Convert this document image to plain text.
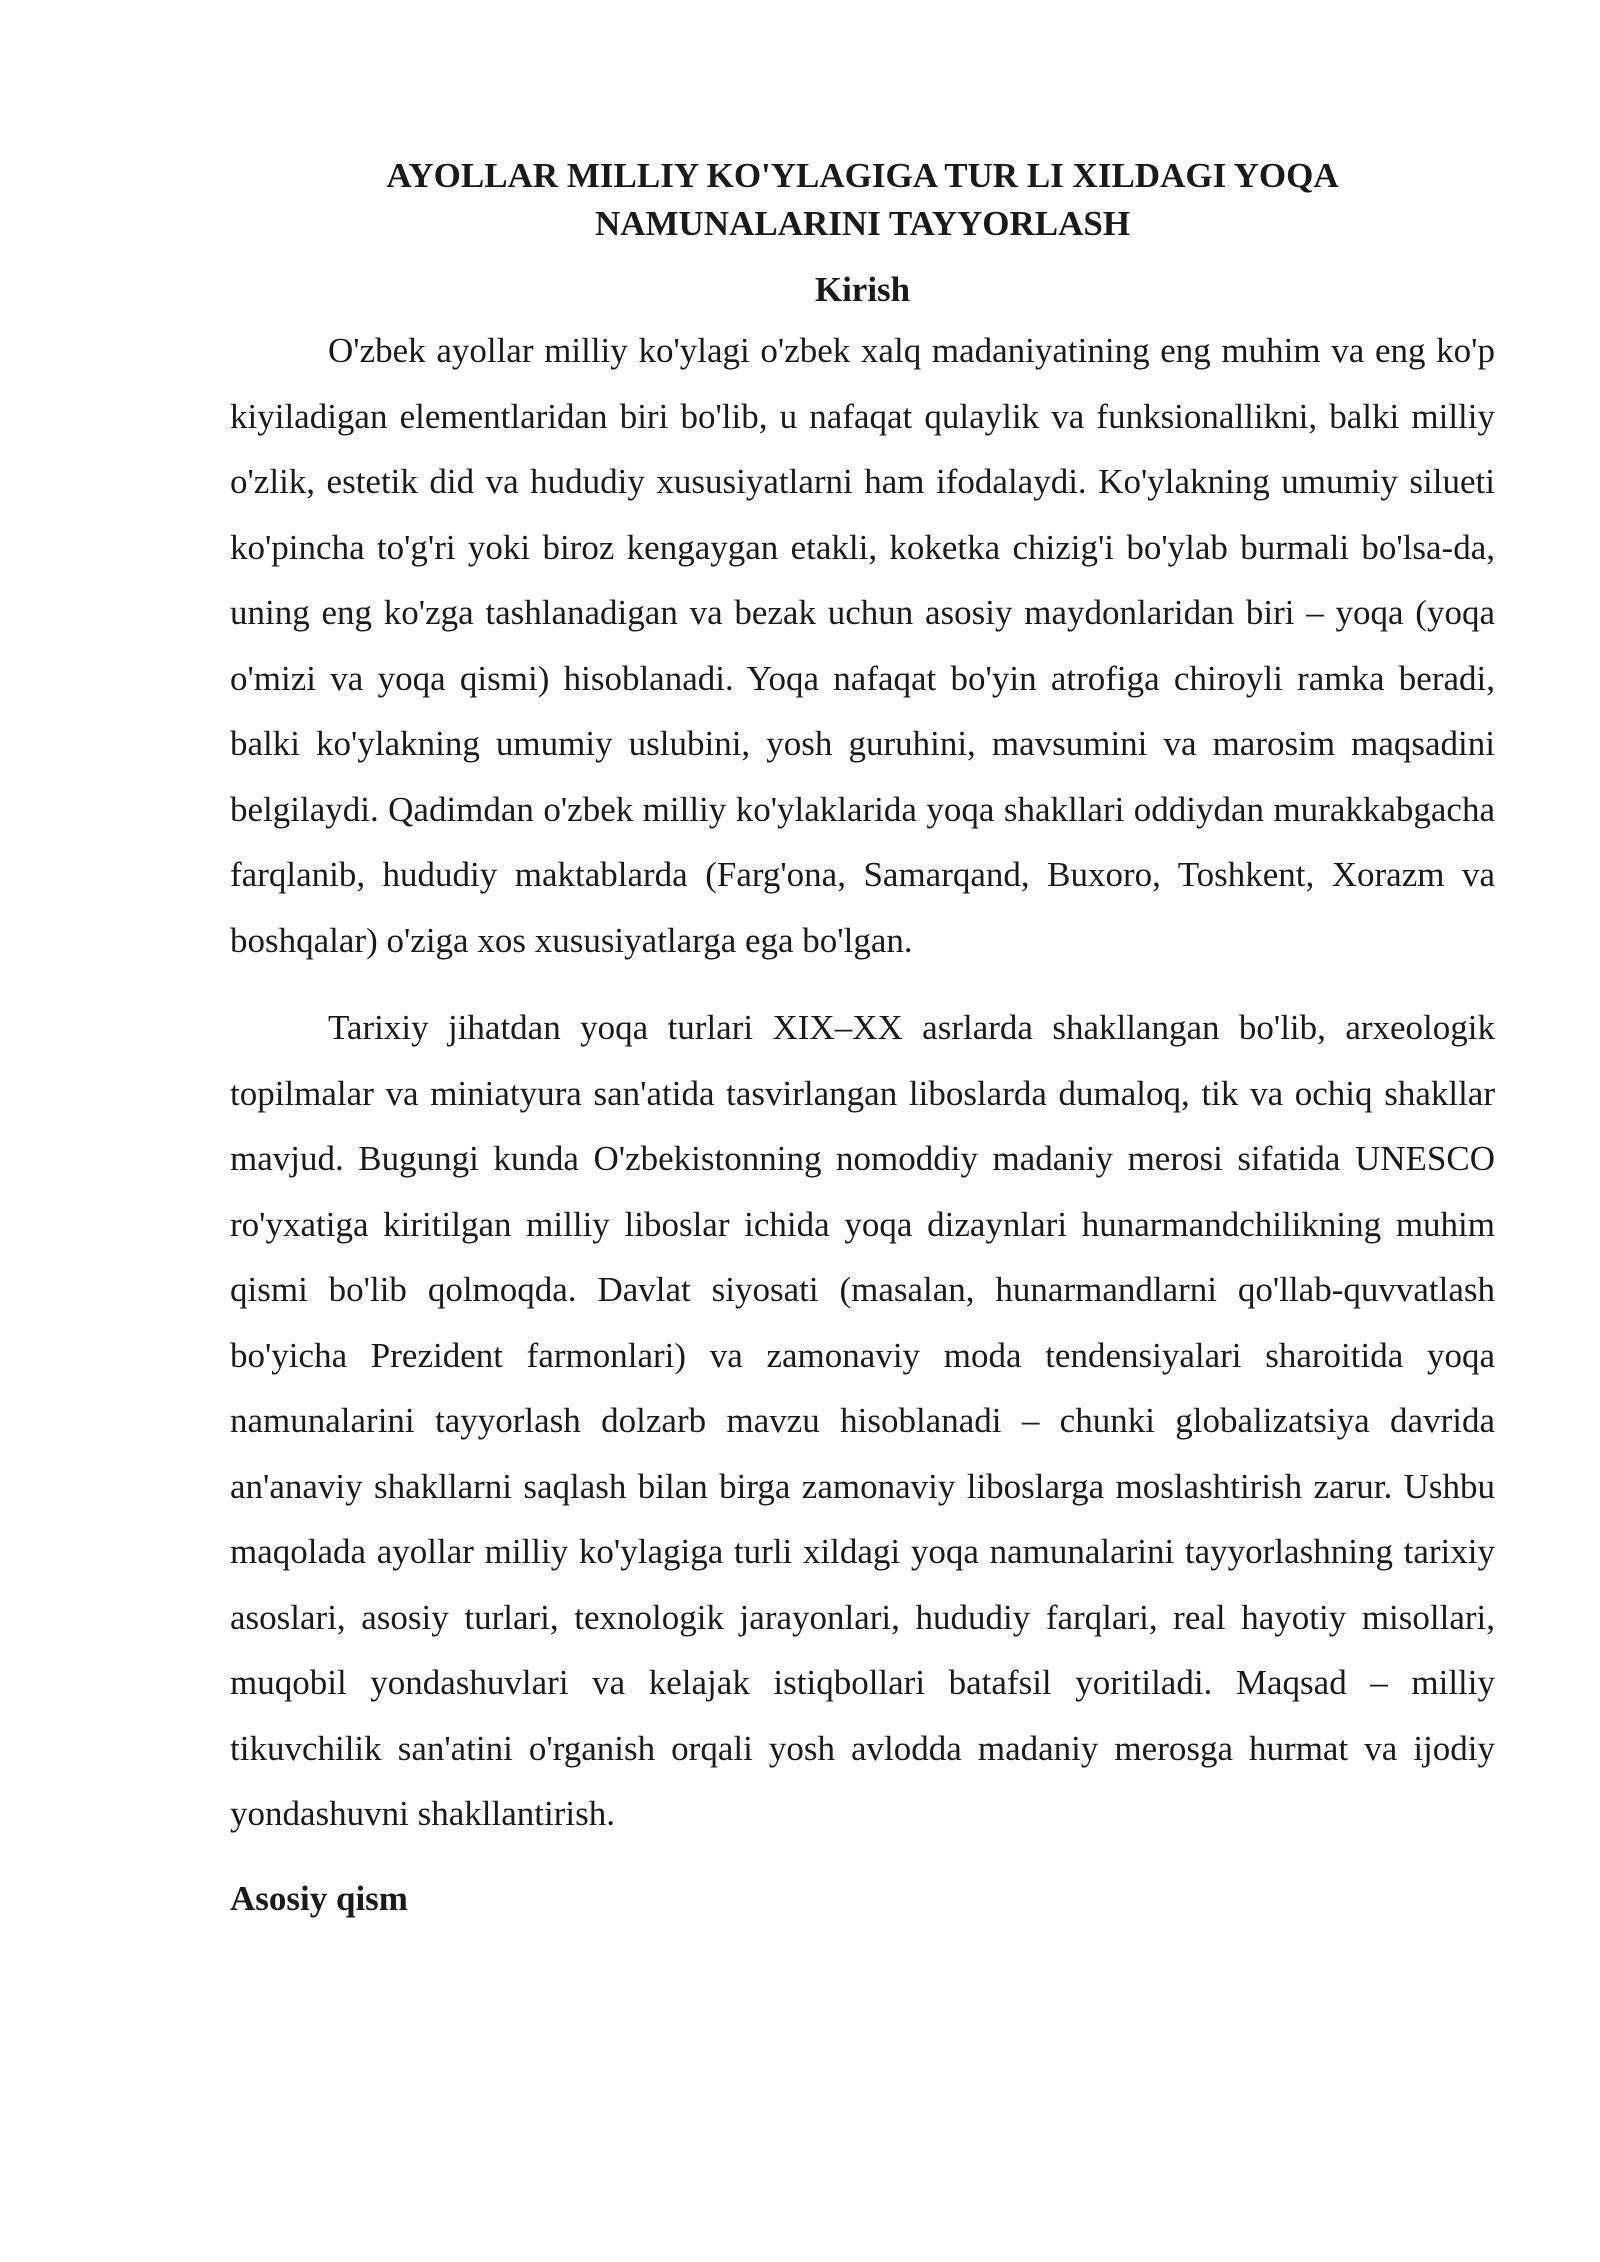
AYOLLAR MILLIY KO'YLAGIGA TUR LI XILDAGI YOQA
NAMUNALARINI TAYYORLASH
Kirish

O'zbek ayollar milliy ko'ylagi o'zbek xalq madaniyatining eng muhim va eng ko'p kiyiladigan elementlaridan biri bo'lib, u nafaqat qulaylik va funksionallikni, balki milliy o'zlik, estetik did va hududiy xususiyatlarni ham ifodalaydi. Ko'ylakning umumiy silueti ko'pincha to'g'ri yoki biroz kengaygan etakli, koketka chizig'i bo'ylab burmali bo'lsa-da, uning eng ko'zga tashlanadigan va bezak uchun asosiy maydonlaridan biri – yoqa (yoqa o'mizi va yoqa qismi) hisoblanadi. Yoqa nafaqat bo'yin atrofiga chiroyli ramka beradi, balki ko'ylakning umumiy uslubini, yosh guruhini, mavsumini va marosim maqsadini belgilaydi. Qadimdan o'zbek milliy ko'ylaklarida yoqa shakllari oddiydan murakkabgacha farqlanib, hududiy maktablarda (Farg'ona, Samarqand, Buxoro, Toshkent, Xorazm va boshqalar) o'ziga xos xususiyatlarga ega bo'lgan.

Tarixiy jihatdan yoqa turlari XIX–XX asrlarda shakllangan bo'lib, arxeologik topilmalar va miniatyura san'atida tasvirlangan liboslarda dumaloq, tik va ochiq shakllar mavjud. Bugungi kunda O'zbekistonning nomoddiy madaniy merosi sifatida UNESCO ro'yxatiga kiritilgan milliy liboslar ichida yoqa dizaynlari hunarmandchilikning muhim qismi bo'lib qolmoqda. Davlat siyosati (masalan, hunarmandlarni qo'llab-quvvatlash bo'yicha Prezident farmonlari) va zamonaviy moda tendensiyalari sharoitida yoqa namunalarini tayyorlash dolzarb mavzu hisoblanadi – chunki globalizatsiya davrida an'anaviy shakllarni saqlash bilan birga zamonaviy liboslarga moslashtirish zarur. Ushbu maqolada ayollar milliy ko'ylagiga turli xildagi yoqa namunalarini tayyorlashning tarixiy asoslari, asosiy turlari, texnologik jarayonlari, hududiy farqlari, real hayotiy misollari, muqobil yondashuvlari va kelajak istiqbollari batafsil yoritiladi. Maqsad – milliy tikuvchilik san'atini o'rganish orqali yosh avlodda madaniy merosga hurmat va ijodiy yondashuvni shakllantirish.

Asosiy qism
